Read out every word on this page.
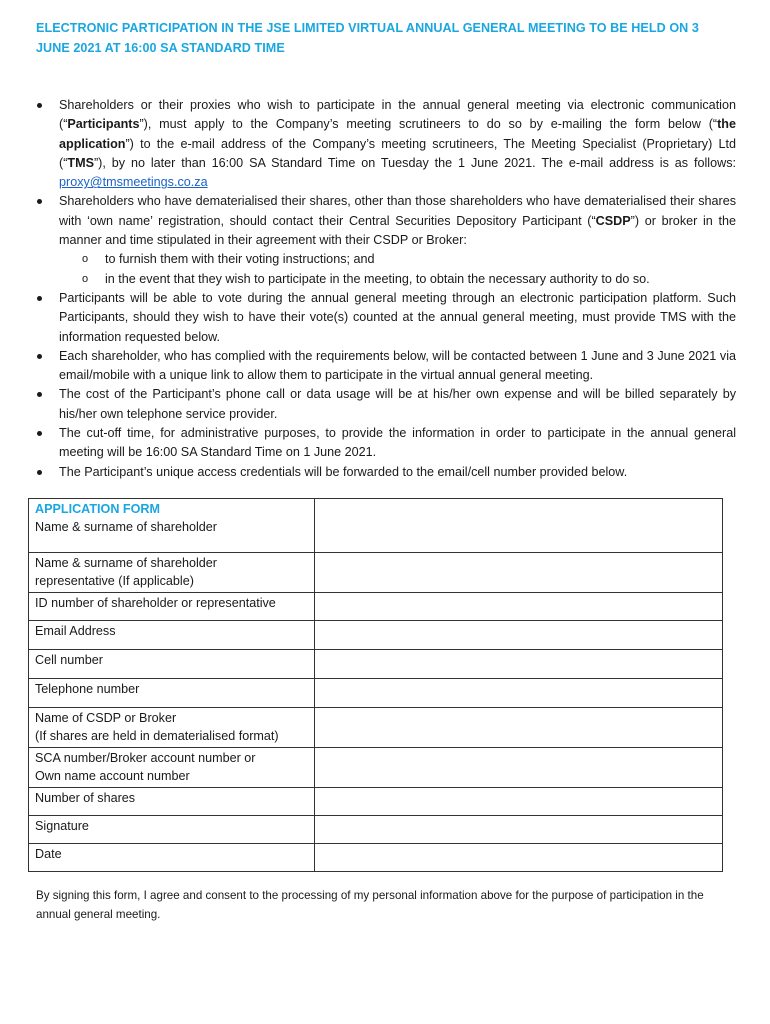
ELECTRONIC PARTICIPATION IN THE JSE LIMITED VIRTUAL ANNUAL GENERAL MEETING TO BE HELD ON 3 JUNE 2021 AT 16:00 SA STANDARD TIME
Shareholders or their proxies who wish to participate in the annual general meeting via electronic communication (“Participants”), must apply to the Company’s meeting scrutineers to do so by e-mailing the form below (“the application”) to the e-mail address of the Company’s meeting scrutineers, The Meeting Specialist (Proprietary) Ltd (“TMS”), by no later than 16:00 SA Standard Time on Tuesday the 1 June 2021. The e-mail address is as follows: proxy@tmsmeetings.co.za
Shareholders who have dematerialised their shares, other than those shareholders who have dematerialised their shares with ‘own name’ registration, should contact their Central Securities Depository Participant (“CSDP”) or broker in the manner and time stipulated in their agreement with their CSDP or Broker:
o to furnish them with their voting instructions; and
o in the event that they wish to participate in the meeting, to obtain the necessary authority to do so.
Participants will be able to vote during the annual general meeting through an electronic participation platform. Such Participants, should they wish to have their vote(s) counted at the annual general meeting, must provide TMS with the information requested below.
Each shareholder, who has complied with the requirements below, will be contacted between 1 June and 3 June 2021 via email/mobile with a unique link to allow them to participate in the virtual annual general meeting.
The cost of the Participant’s phone call or data usage will be at his/her own expense and will be billed separately by his/her own telephone service provider.
The cut-off time, for administrative purposes, to provide the information in order to participate in the annual general meeting will be 16:00 SA Standard Time on 1 June 2021.
The Participant’s unique access credentials will be forwarded to the email/cell number provided below.
APPLICATION FORM
Name & surname of shareholder	

Name & surname of shareholder
representative (If applicable)	

ID number of shareholder or representative	
Email Address	
Cell number	
Telephone number	

Name of CSDP or Broker
(If shares are held in dematerialised format)	

SCA number/Broker account number or
Own name account number	

Number of shares	
Signature	
Date	
By signing this form, I agree and consent to the processing of my personal information above for the purpose of participation in the annual general meeting.
